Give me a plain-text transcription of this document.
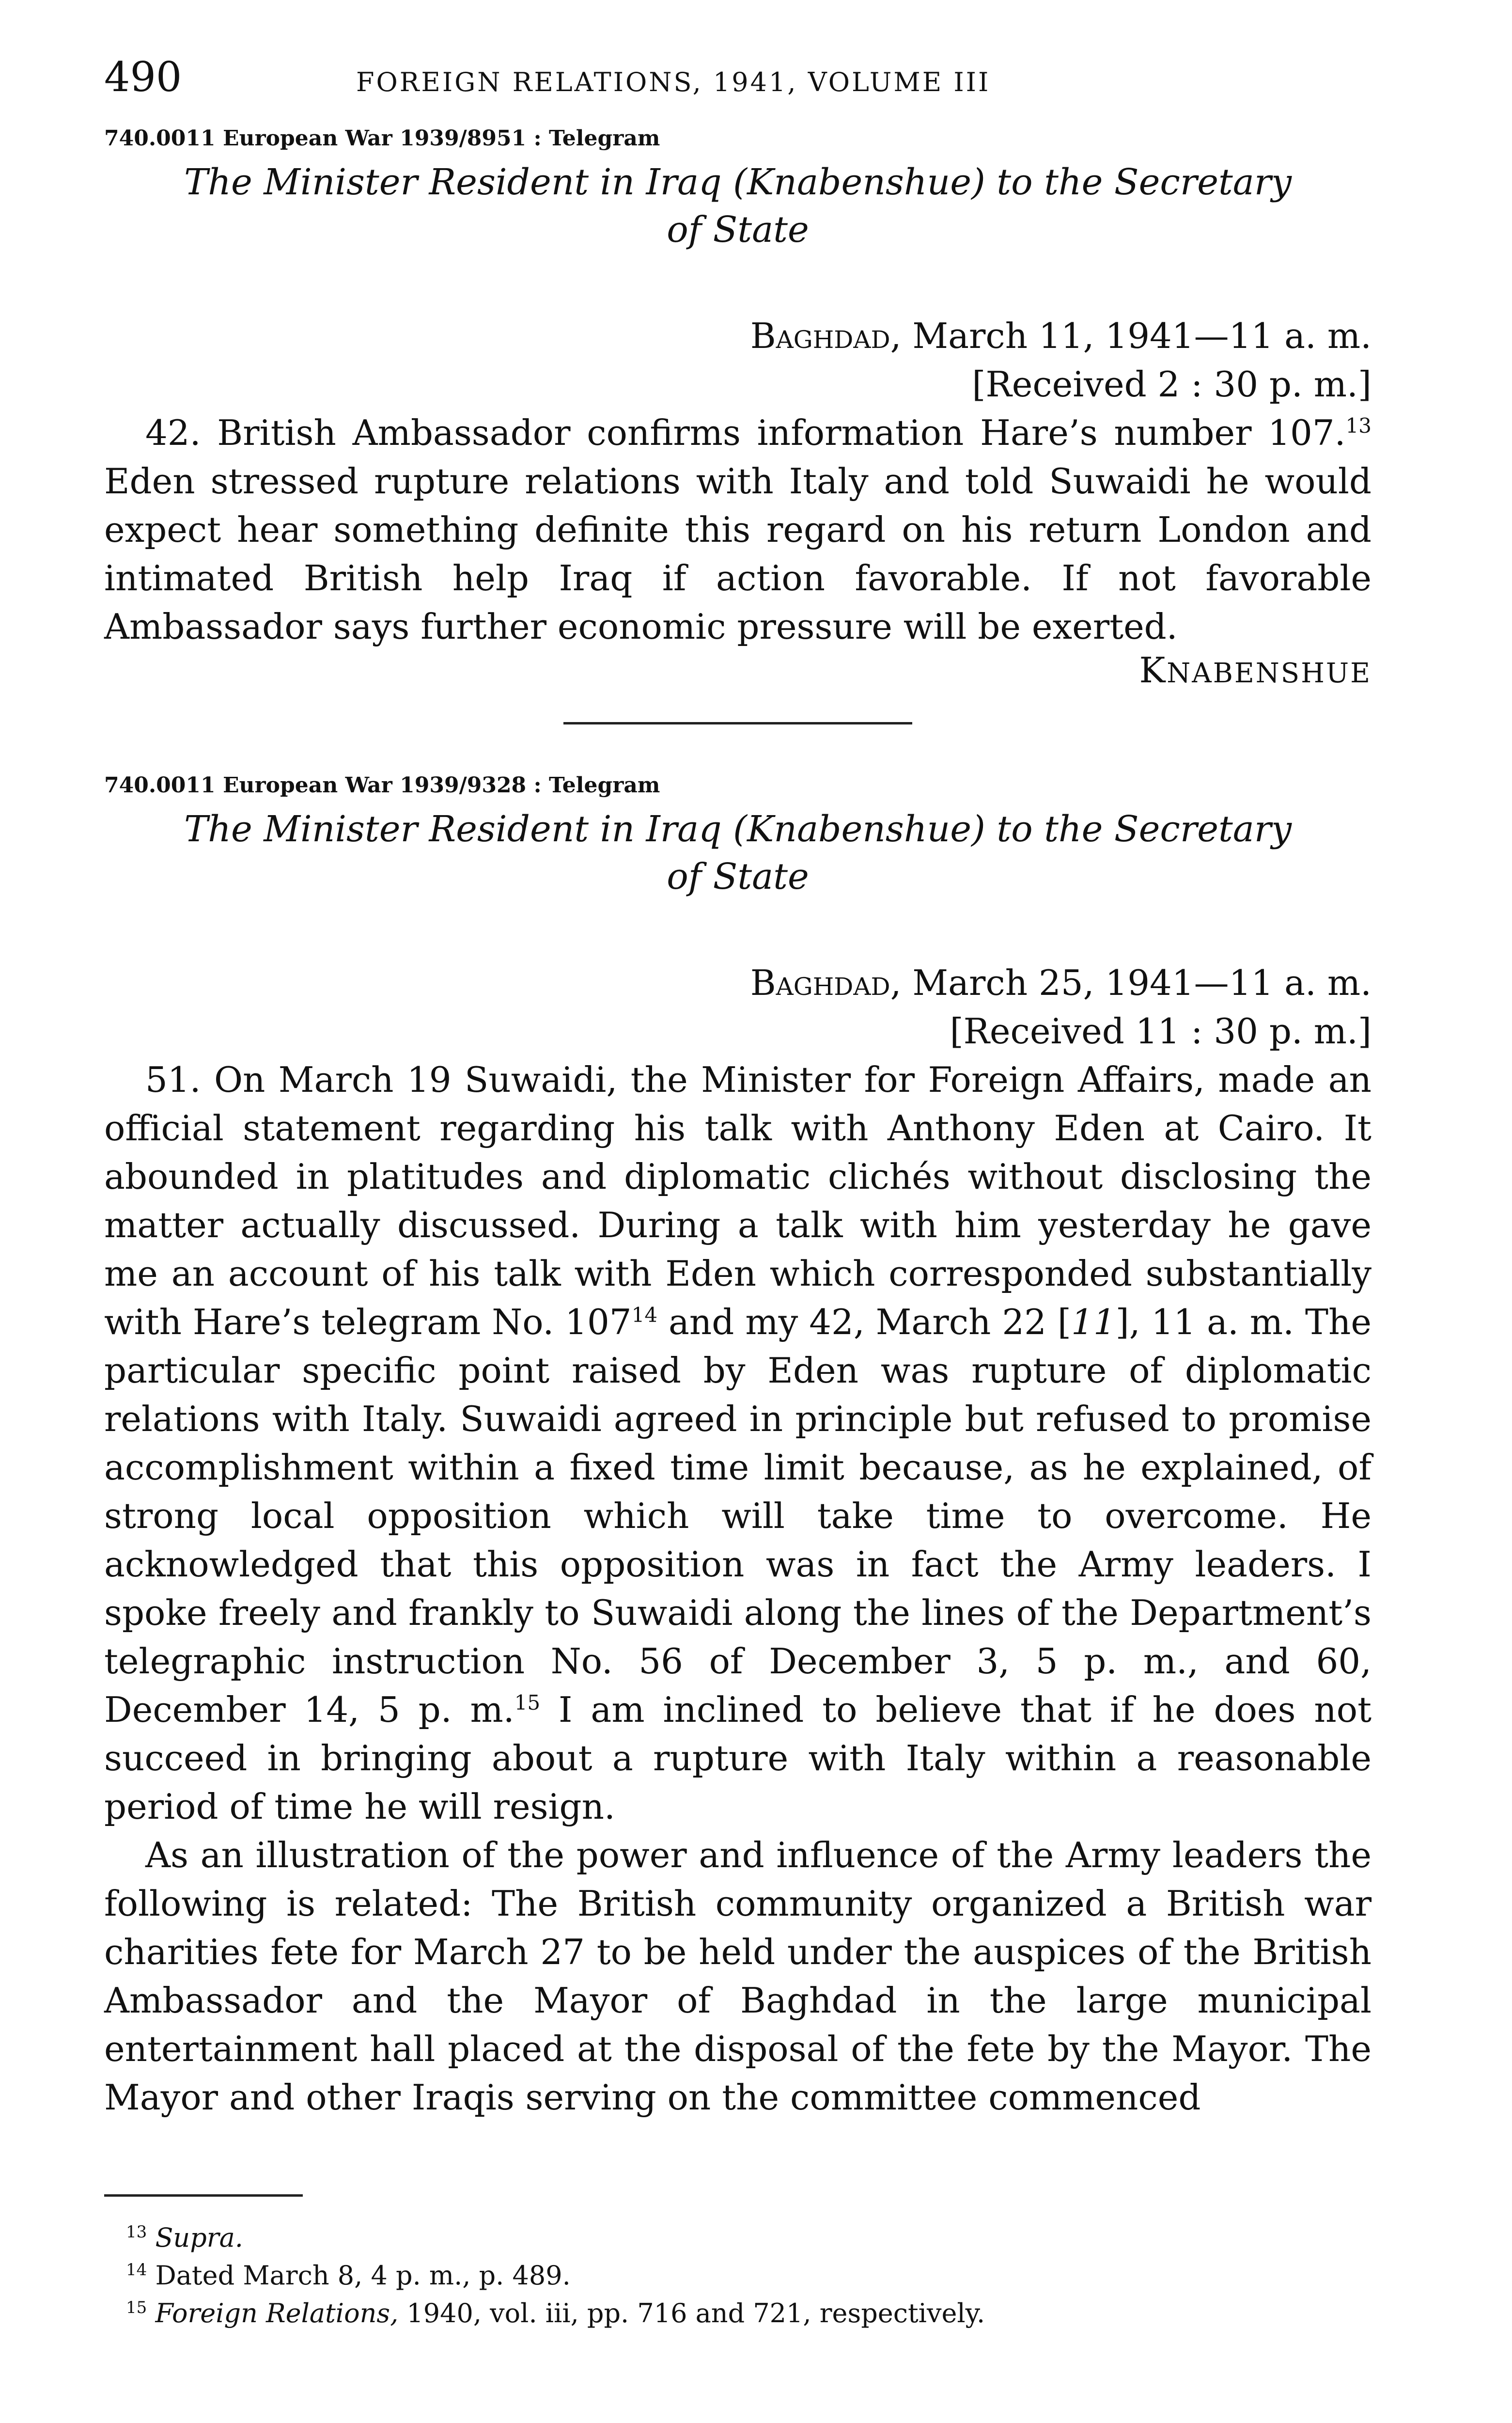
490	FOREIGN RELATIONS, 1941, VOLUME III
740.0011 European War 1939/8951 : Telegram
The Minister Resident in Iraq (Knabenshue) to the Secretary
of State
Baghdad, March 11, 1941—11 a. m.
[Received 2 : 30 p. m.]

42. British Ambassador confirms information Hare’s number 107.13 Eden stressed rupture relations with Italy and told Suwaidi he would expect hear something definite this regard on his return London and intimated British help Iraq if action favorable. If not favorable Ambassador says further economic pressure will be exerted.

KNABENSHUE
740.0011 European War 1939/9328 : Telegram
The Minister Resident in Iraq (Knabenshue) to the Secretary
of State
Baghdad, March 25, 1941—11 a. m.
[Received 11 : 30 p. m.]

51. On March 19 Suwaidi, the Minister for Foreign Affairs, made an official statement regarding his talk with Anthony Eden at Cairo. It abounded in platitudes and diplomatic clichés without disclosing the matter actually discussed. During a talk with him yesterday he gave me an account of his talk with Eden which corresponded substantially with Hare’s telegram No. 107$^{14}$ and my 42, March 22 [11], 11 a. m. The particular specific point raised by Eden was rupture of diplomatic relations with Italy. Suwaidi agreed in principle but refused to promise accomplishment within a fixed time limit because, as he explained, of strong local opposition which will take time to overcome. He acknowledged that this opposition was in fact the Army leaders. I spoke freely and frankly to Suwaidi along the lines of the Department’s telegraphic instruction No. 56 of December 3, 5 p. m., and 60, December 14, 5 p. m.$^{15}$ I am inclined to believe that if he does not succeed in bringing about a rupture with Italy within a reasonable period of time he will resign.

As an illustration of the power and influence of the Army leaders the following is related: The British community organized a British war charities fete for March 27 to be held under the auspices of the British Ambassador and the Mayor of Baghdad in the large municipal entertainment hall placed at the disposal of the fete by the Mayor. The Mayor and other Iraqis serving on the committee commenced

$^{13}$ Supra.
$^{14}$ Dated March 8, 4 p. m., p. 489.
$^{15}$ Foreign Relations, 1940, vol. iii, pp. 716 and 721, respectively.
